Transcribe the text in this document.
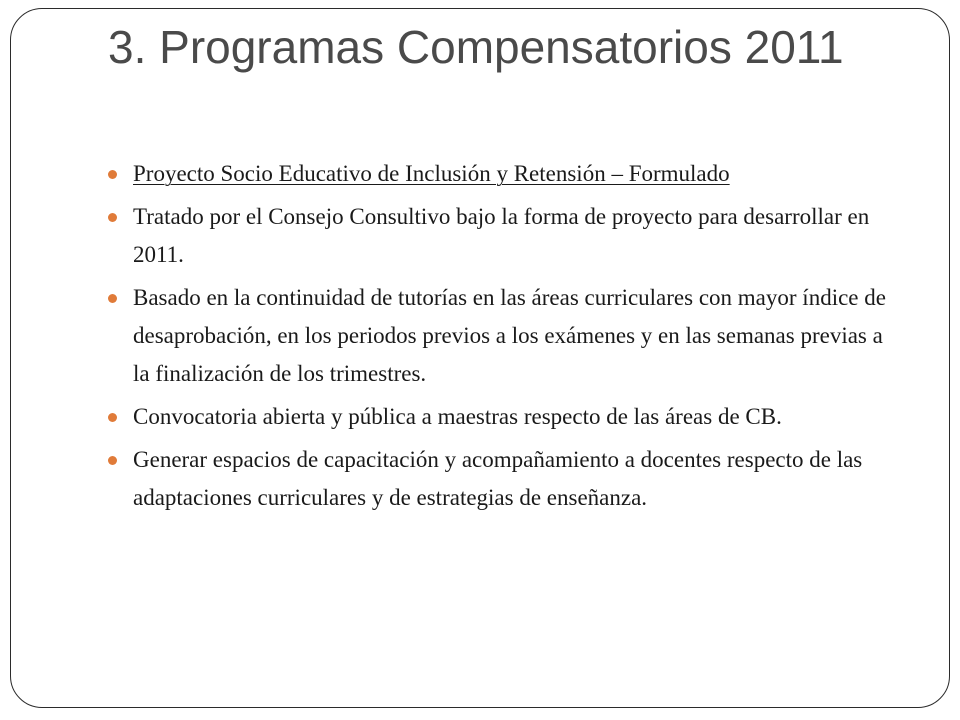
3. Programas Compensatorios 2011
Proyecto Socio Educativo de Inclusión y Retensión – Formulado
Tratado por el Consejo Consultivo bajo la forma de proyecto para desarrollar en 2011.
Basado en la continuidad de tutorías en las áreas curriculares con mayor índice de desaprobación, en los periodos previos a los exámenes y en las semanas previas a la finalización de los trimestres.
Convocatoria abierta y pública a maestras respecto de las áreas de CB.
Generar espacios de capacitación y acompañamiento a docentes respecto de las adaptaciones curriculares y de estrategias de enseñanza.
